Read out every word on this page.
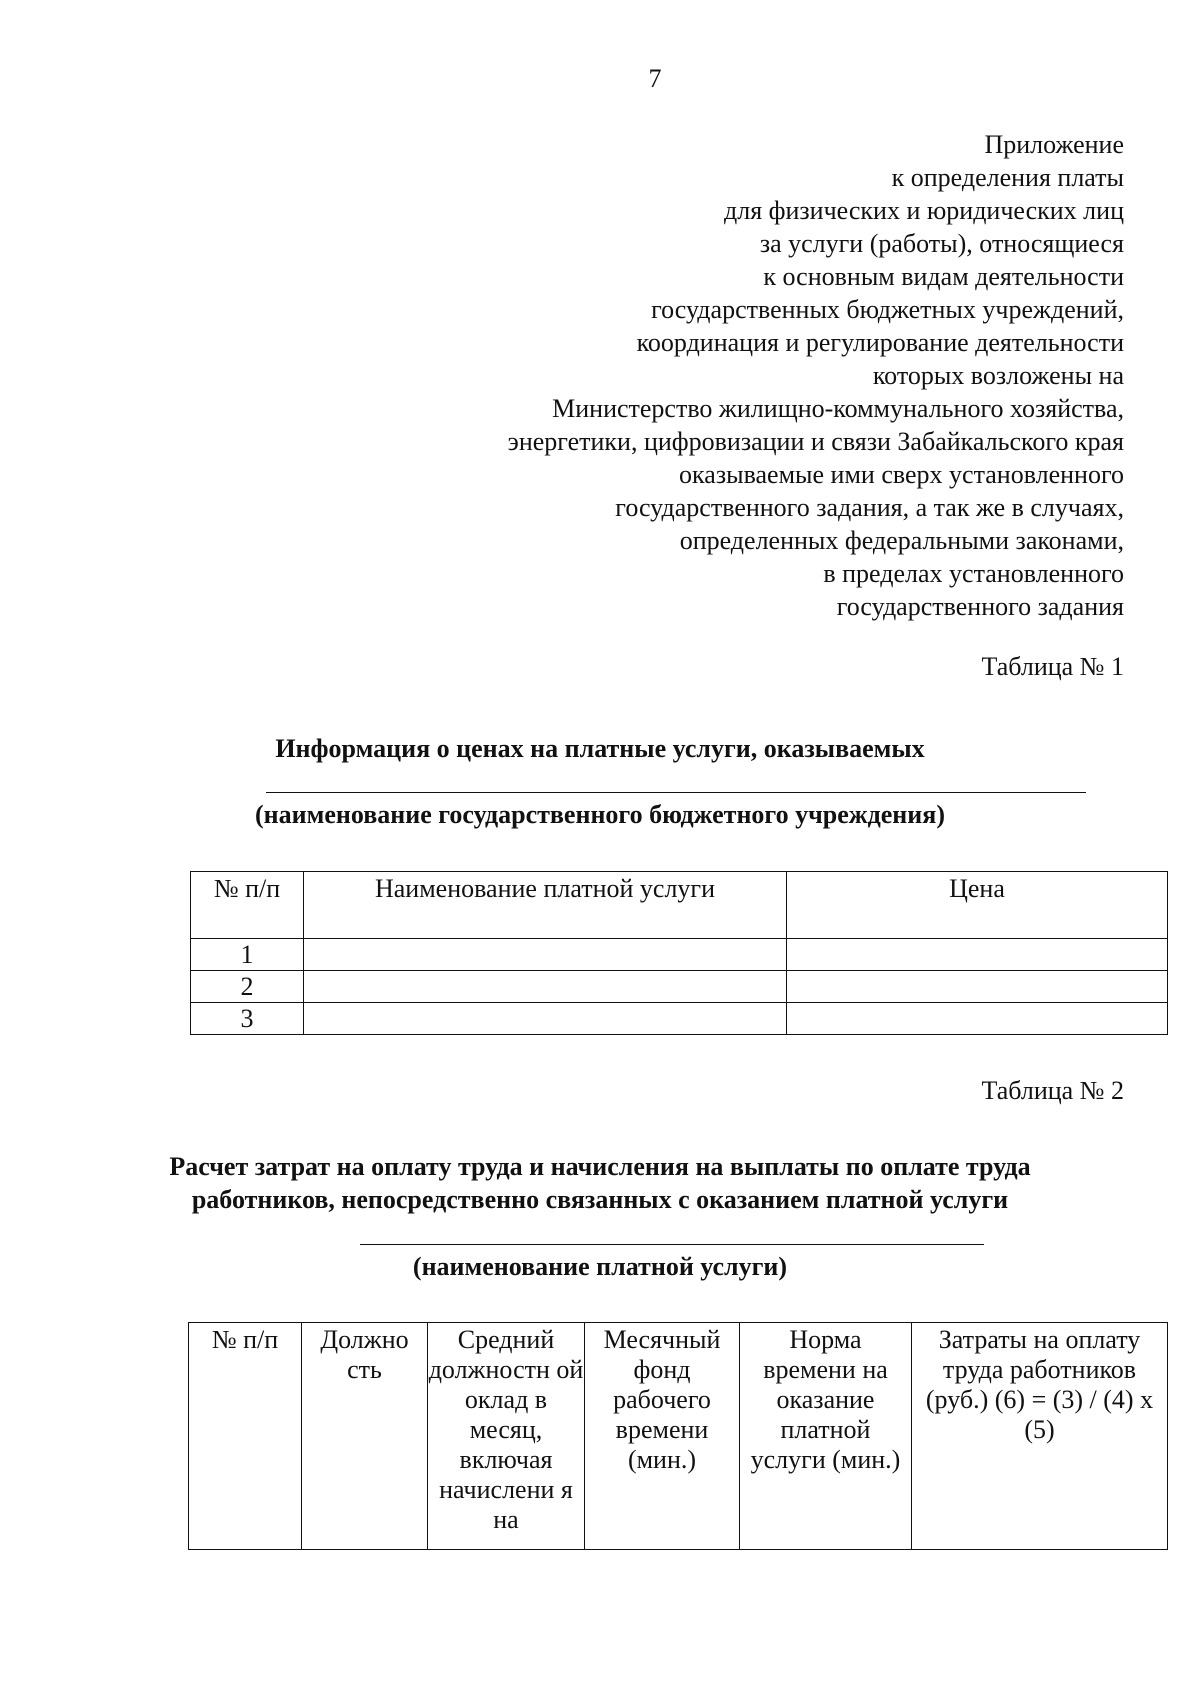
7
Приложение
к определения платы
для физических и юридических лиц
за услуги (работы), относящиеся
к основным видам деятельности
государственных бюджетных учреждений,
координация и регулирование деятельности
которых возложены на
Министерство жилищно-коммунального хозяйства,
энергетики, цифровизации и связи Забайкальского края
оказываемые ими сверх установленного
государственного задания, а так же в случаях,
определенных федеральными законами,
в пределах установленного
государственного задания
Таблица № 1
Информация о ценах на платные услуги, оказываемых
(наименование государственного бюджетного учреждения)
№ п/п	Наименование платной услуги	Цена
1		
2		
3		
Таблица № 2
Расчет затрат на оплату труда и начисления на выплаты по оплате труда
работников, непосредственно связанных с оказанием платной услуги
(наименование платной услуги)
№ п/п	Должно сть	Средний должностн ой оклад в месяц, включая начислени я на	Месячный фонд рабочего времени (мин.)	Норма времени на оказание платной услуги (мин.)	Затраты на оплату труда работников (руб.) (6) = (3) / (4) х (5)
